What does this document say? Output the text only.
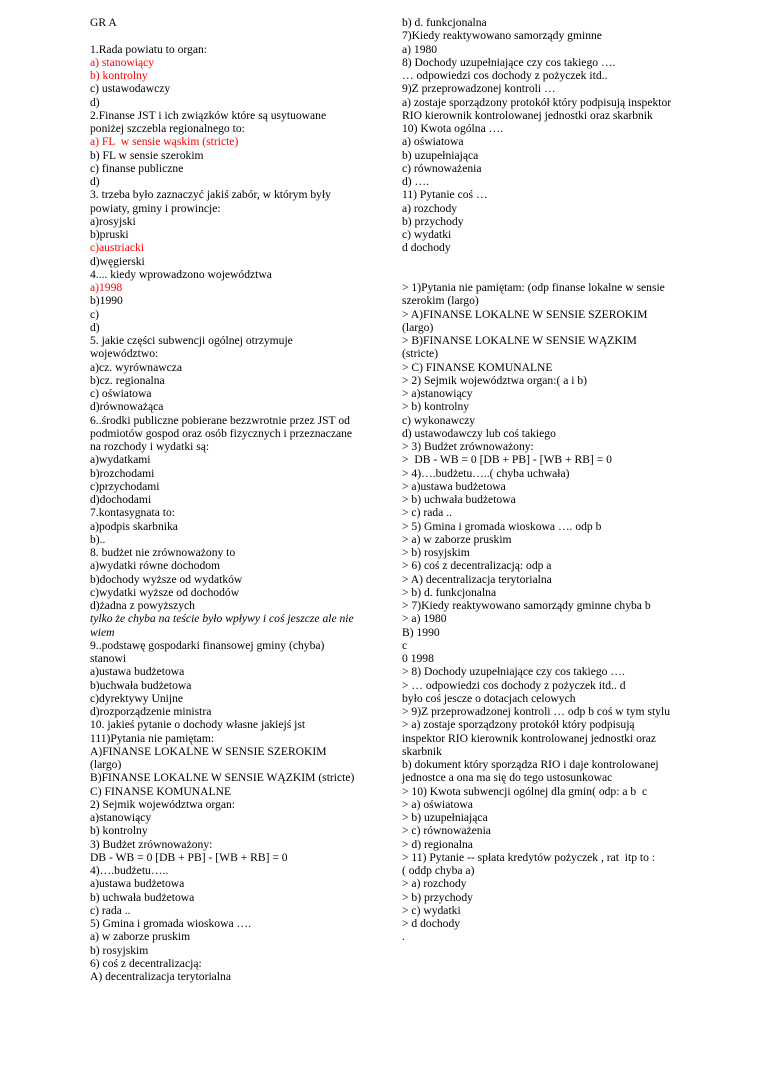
GR A
1.Rada powiatu to organ:
a) stanowiący
b) kontrolny
c) ustawodawczy
d)
2.Finanse JST i ich związków które są usytuowane
poniżej szczebla regionalnego to:
a) FL  w sensie wąskim (stricte)
b) FL w sensie szerokim
c) finanse publiczne
d)
3. trzeba było zaznaczyć jakiś zabór, w którym były
powiaty, gminy i prowincje:
a)rosyjski
b)pruski
c)austriacki
d)węgierski
4.... kiedy wprowadzono województwa
a)1998
b)1990
c)
d)
5. jakie części subwencji ogólnej otrzymuje
województwo:
a)cz. wyrównawcza
b)cz. regionalna
c) oświatowa
d)równoważąca
6..środki publiczne pobierane bezzwrotnie przez JST od
podmiotów gospod oraz osób fizycznych i przeznaczane
na rozchody i wydatki są:
a)wydatkami
b)rozchodami
c)przychodami
d)dochodami
7.kontasygnata to:
a)podpis skarbnika
b)..
8. budżet nie zrównoważony to
a)wydatki równe dochodom
b)dochody wyższe od wydatków
c)wydatki wyższe od dochodów
d)żadna z powyższych
tylko że chyba na teście było wpływy i coś jeszcze ale nie
wiem
9..podstawę gospodarki finansowej gminy (chyba)
stanowi
a)ustawa budżetowa
b)uchwała budżetowa
c)dyrektywy Unijne
d)rozporządzenie ministra
10. jakieś pytanie o dochody własne jakiejś jst
111)Pytania nie pamiętam:
A)FINANSE LOKALNE W SENSIE SZEROKIM
(largo)
B)FINANSE LOKALNE W SENSIE WĄZKIM (stricte)
C) FINANSE KOMUNALNE
2) Sejmik województwa organ:
a)stanowiący
b) kontrolny
3) Budżet zrównoważony:
DB - WB = 0 [DB + PB] - [WB + RB] = 0
4)….budżetu…..
a)ustawa budżetowa
b) uchwała budżetowa
c) rada ..
5) Gmina i gromada wioskowa ….
a) w zaborze pruskim
b) rosyjskim
6) coś z decentralizacją:
A) decentralizacja terytorialna
b) d. funkcjonalna
7)Kiedy reaktywowano samorządy gminne
a) 1980
8) Dochody uzupełniające czy cos takiego ….
… odpowiedzi cos dochody z pożyczek itd..
9)Z przeprowadzonej kontroli …
a) zostaje sporządzony protokół który podpisują inspektor
RIO kierownik kontrolowanej jednostki oraz skarbnik
10) Kwota ogólna ….
a) oświatowa
b) uzupełniająca
c) równoważenia
d) ….
11) Pytanie coś …
a) rozchody
b) przychody
c) wydatki
d dochody
> 1)Pytania nie pamiętam: (odp finanse lokalne w sensie
szerokim (largo)
> A)FINANSE LOKALNE W SENSIE SZEROKIM
(largo)
> B)FINANSE LOKALNE W SENSIE WĄZKIM
(stricte)
> C) FINANSE KOMUNALNE
> 2) Sejmik województwa organ:( a i b)
> a)stanowiący
> b) kontrolny
c) wykonawczy
d) ustawodawczy lub coś takiego
> 3) Budżet zrównoważony:
>  DB - WB = 0 [DB + PB] - [WB + RB] = 0
> 4)….budżetu…..( chyba uchwała)
> a)ustawa budżetowa
> b) uchwała budżetowa
> c) rada ..
> 5) Gmina i gromada wioskowa …. odp b
> a) w zaborze pruskim
> b) rosyjskim
> 6) coś z decentralizacją: odp a
> A) decentralizacja terytorialna
> b) d. funkcjonalna
> 7)Kiedy reaktywowano samorządy gminne chyba b
> a) 1980
B) 1990
c
0 1998
> 8) Dochody uzupełniające czy cos takiego ….
> … odpowiedzi cos dochody z pożyczek itd.. d
było coś jescze o dotacjach celowych
> 9)Z przeprowadzonej kontroli … odp b coś w tym stylu
> a) zostaje sporządzony protokół który podpisują
inspektor RIO kierownik kontrolowanej jednostki oraz
skarbnik
b) dokument który sporządza RIO i daje kontrolowanej
jednostce a ona ma się do tego ustosunkowac
> 10) Kwota subwencji ogólnej dla gmin( odp: a b  c
> a) oświatowa
> b) uzupełniająca
> c) równoważenia
> d) regionalna
> 11) Pytanie -- spłata kredytów pożyczek , rat  itp to :
( oddp chyba a)
> a) rozchody
> b) przychody
> c) wydatki
> d dochody
.
